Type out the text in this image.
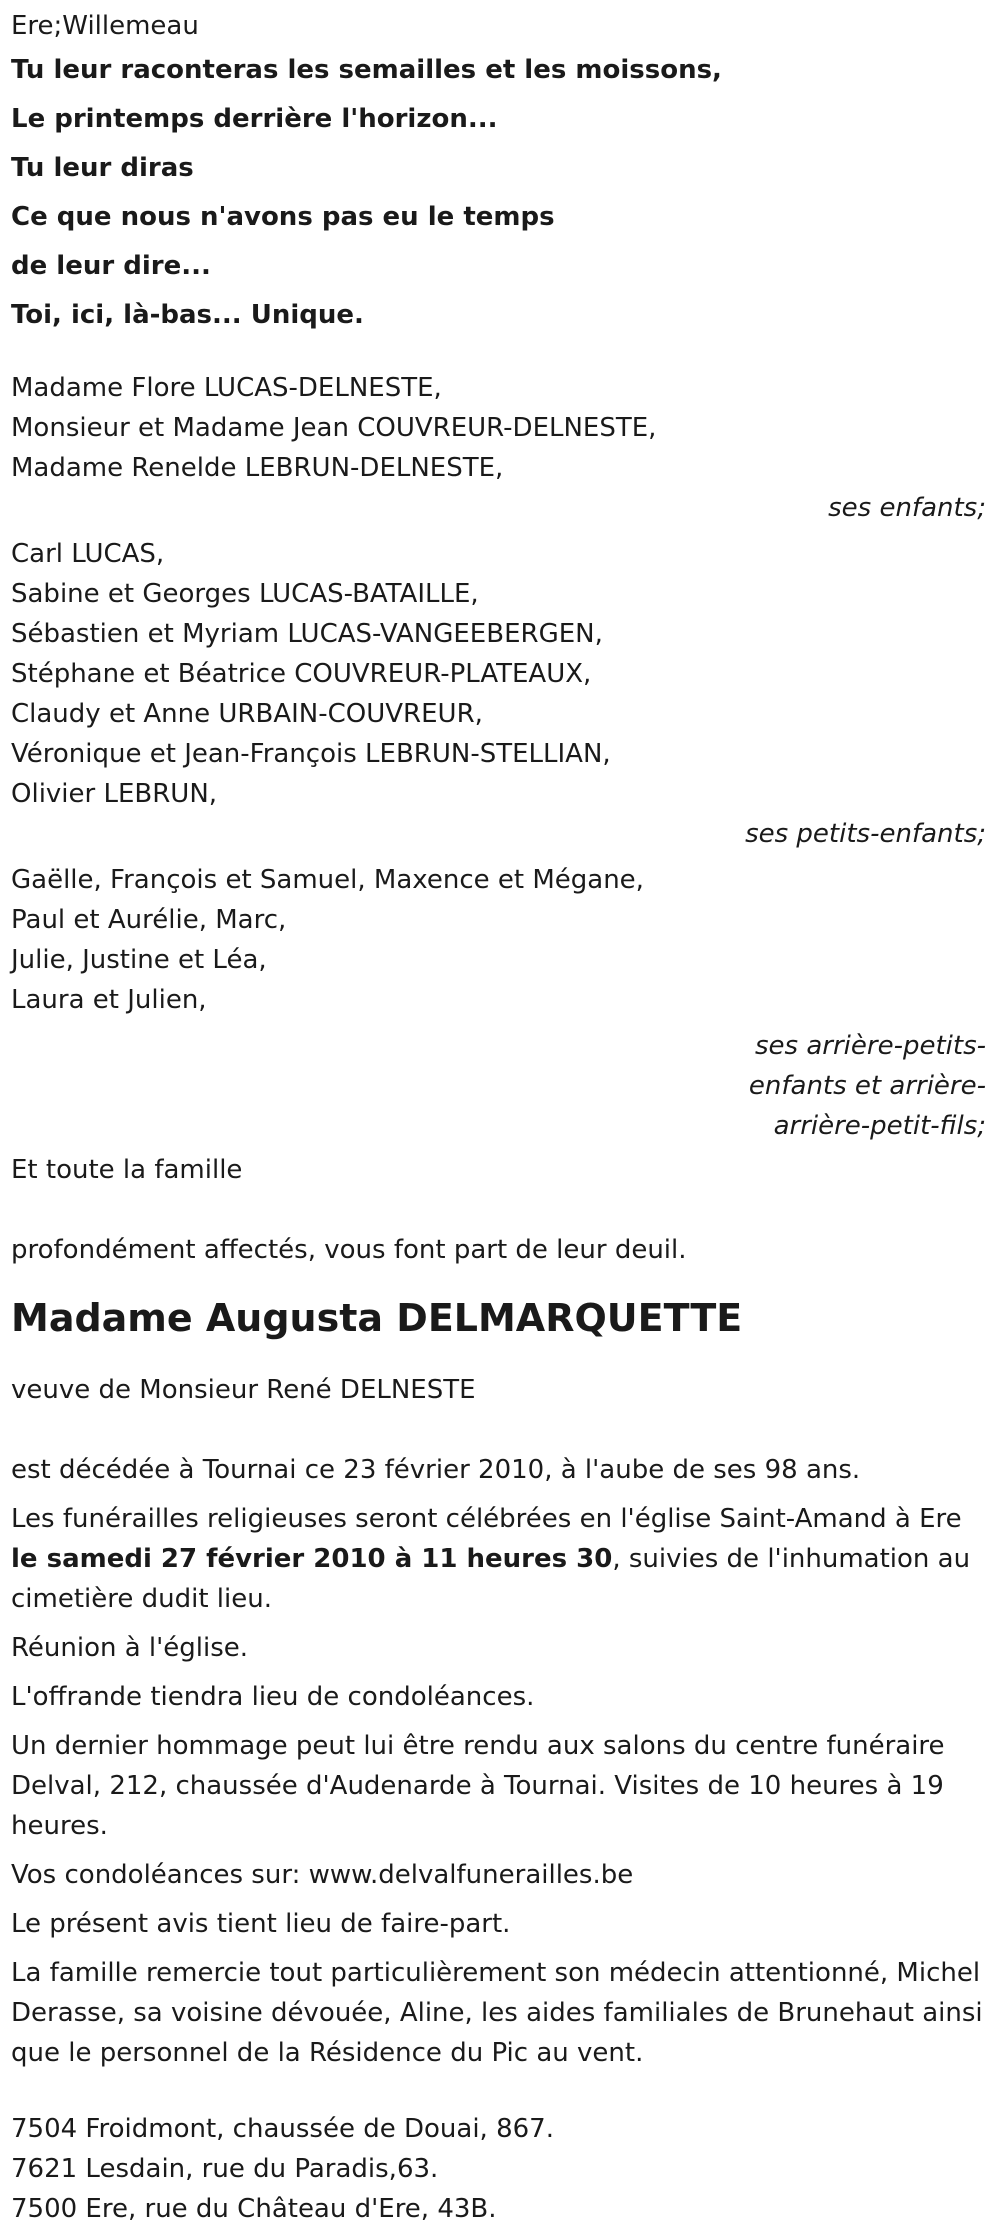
Ere;Willemeau
Tu leur raconteras les semailles et les moissons,
Le printemps derrière l'horizon...
Tu leur diras
Ce que nous n'avons pas eu le temps
de leur dire...
Toi, ici, là-bas... Unique.
Madame Flore LUCAS-DELNESTE,
Monsieur et Madame Jean COUVREUR-DELNESTE,
Madame Renelde LEBRUN-DELNESTE,
ses enfants;
Carl LUCAS,
Sabine et Georges LUCAS-BATAILLE,
Sébastien et Myriam LUCAS-VANGEEBERGEN,
Stéphane et Béatrice COUVREUR-PLATEAUX,
Claudy et Anne URBAIN-COUVREUR,
Véronique et Jean-François LEBRUN-STELLIAN,
Olivier LEBRUN,
ses petits-enfants;
Gaëlle, François et Samuel, Maxence et Mégane,
Paul et Aurélie, Marc,
Julie, Justine et Léa,
Laura et Julien,
ses arrière-petits-
enfants et arrière-
arrière-petit-fils;
Et toute la famille
profondément affectés, vous font part de leur deuil.
Madame Augusta DELMARQUETTE
veuve de Monsieur René DELNESTE
est décédée à Tournai ce 23 février 2010, à l'aube de ses 98 ans.
Les funérailles religieuses seront célébrées en l'église Saint-Amand à Ere le samedi 27 février 2010 à 11 heures 30, suivies de l'inhumation au cimetière dudit lieu.
Réunion à l'église.
L'offrande tiendra lieu de condoléances.
Un dernier hommage peut lui être rendu aux salons du centre funéraire Delval, 212, chaussée d'Audenarde à Tournai. Visites de 10 heures à 19 heures.
Vos condoléances sur: www.delvalfunerailles.be
Le présent avis tient lieu de faire-part.
La famille remercie tout particulièrement son médecin attentionné, Michel Derasse, sa voisine dévouée, Aline, les aides familiales de Brunehaut ainsi que le personnel de la Résidence du Pic au vent.
7504 Froidmont, chaussée de Douai, 867.
7621 Lesdain, rue du Paradis,63.
7500 Ere, rue du Château d'Ere, 43B.
